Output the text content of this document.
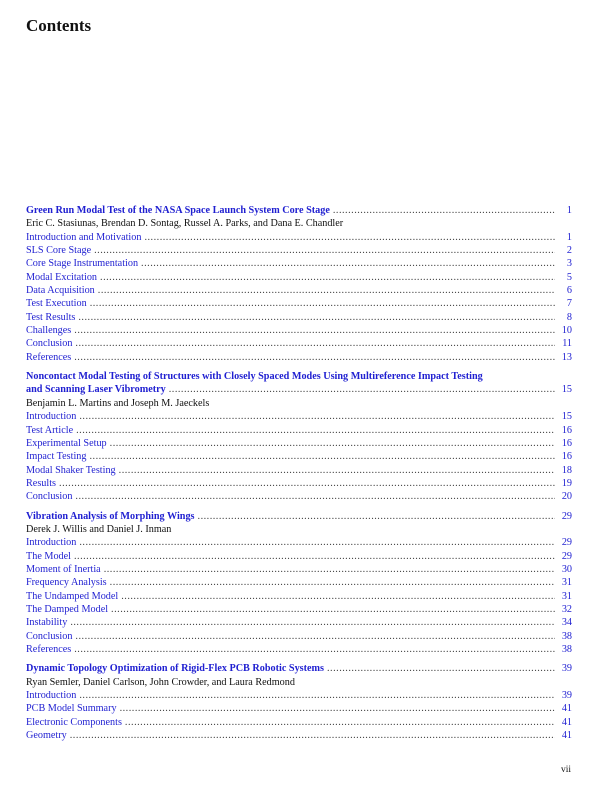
Contents
Green Run Modal Test of the NASA Space Launch System Core Stage .....	1
Eric C. Stasiunas, Brendan D. Sontag, Russel A. Parks, and Dana E. Chandler
Introduction and Motivation .....	1
SLS Core Stage .....	2
Core Stage Instrumentation .....	3
Modal Excitation .....	5
Data Acquisition .....	6
Test Execution .....	7
Test Results .....	8
Challenges .....	10
Conclusion .....	11
References .....	13
Noncontact Modal Testing of Structures with Closely Spaced Modes Using Multireference Impact Testing
and Scanning Laser Vibrometry .....	15
Benjamin L. Martins and Joseph M. Jaeckels
Introduction .....	15
Test Article .....	16
Experimental Setup .....	16
Impact Testing .....	16
Modal Shaker Testing .....	18
Results .....	19
Conclusion .....	20
Vibration Analysis of Morphing Wings .....	29
Derek J. Willis and Daniel J. Inman
Introduction .....	29
The Model .....	29
Moment of Inertia .....	30
Frequency Analysis .....	31
The Undamped Model .....	31
The Damped Model .....	32
Instability .....	34
Conclusion .....	38
References .....	38
Dynamic Topology Optimization of Rigid-Flex PCB Robotic Systems .....	39
Ryan Semler, Daniel Carlson, John Crowder, and Laura Redmond
Introduction .....	39
PCB Model Summary .....	41
Electronic Components .....	41
Geometry .....	41
vii
